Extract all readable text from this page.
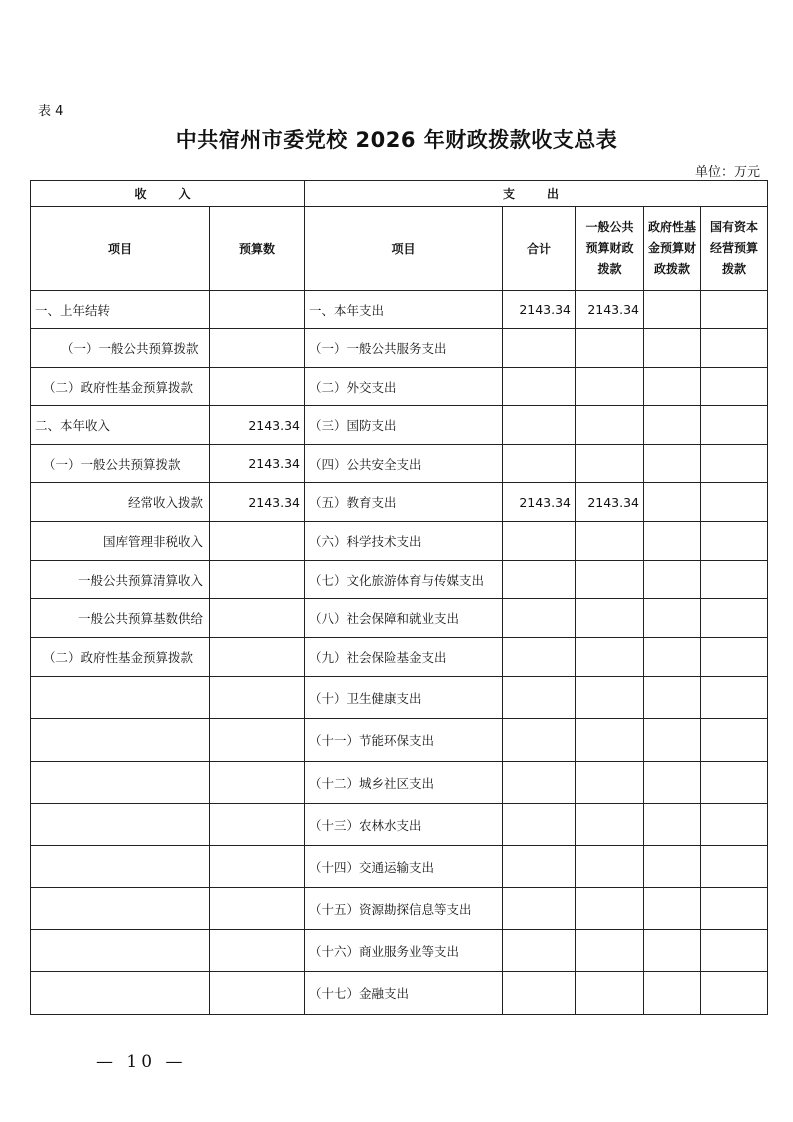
表 4
中共宿州市委党校 2026 年财政拨款收支总表
单位：万元
收　入		支　出				
项目	预算数	项目	合计	一般公共预算财政拨款	政府性基金预算财政拨款	国有资本经营预算拨款

一、上年结转		一、本年支出	2143.34	2143.34		
（一）一般公共预算拨款		（一）一般公共服务支出				
（二）政府性基金预算拨款		（二）外交支出				
二、本年收入	2143.34	（三）国防支出				
（一）一般公共预算拨款	2143.34	（四）公共安全支出				
经常收入拨款	2143.34	（五）教育支出	2143.34	2143.34		
国库管理非税收入		（六）科学技术支出				
一般公共预算清算收入		（七）文化旅游体育与传媒支出				
一般公共预算基数供给		（八）社会保障和就业支出				
（二）政府性基金预算拨款		（九）社会保险基金支出				
		（十）卫生健康支出				
		（十一）节能环保支出				
		（十二）城乡社区支出				
		（十三）农林水支出				
		（十四）交通运输支出				
		（十五）资源勘探信息等支出				
		（十六）商业服务业等支出				
		（十七）金融支出				
— 10 —
